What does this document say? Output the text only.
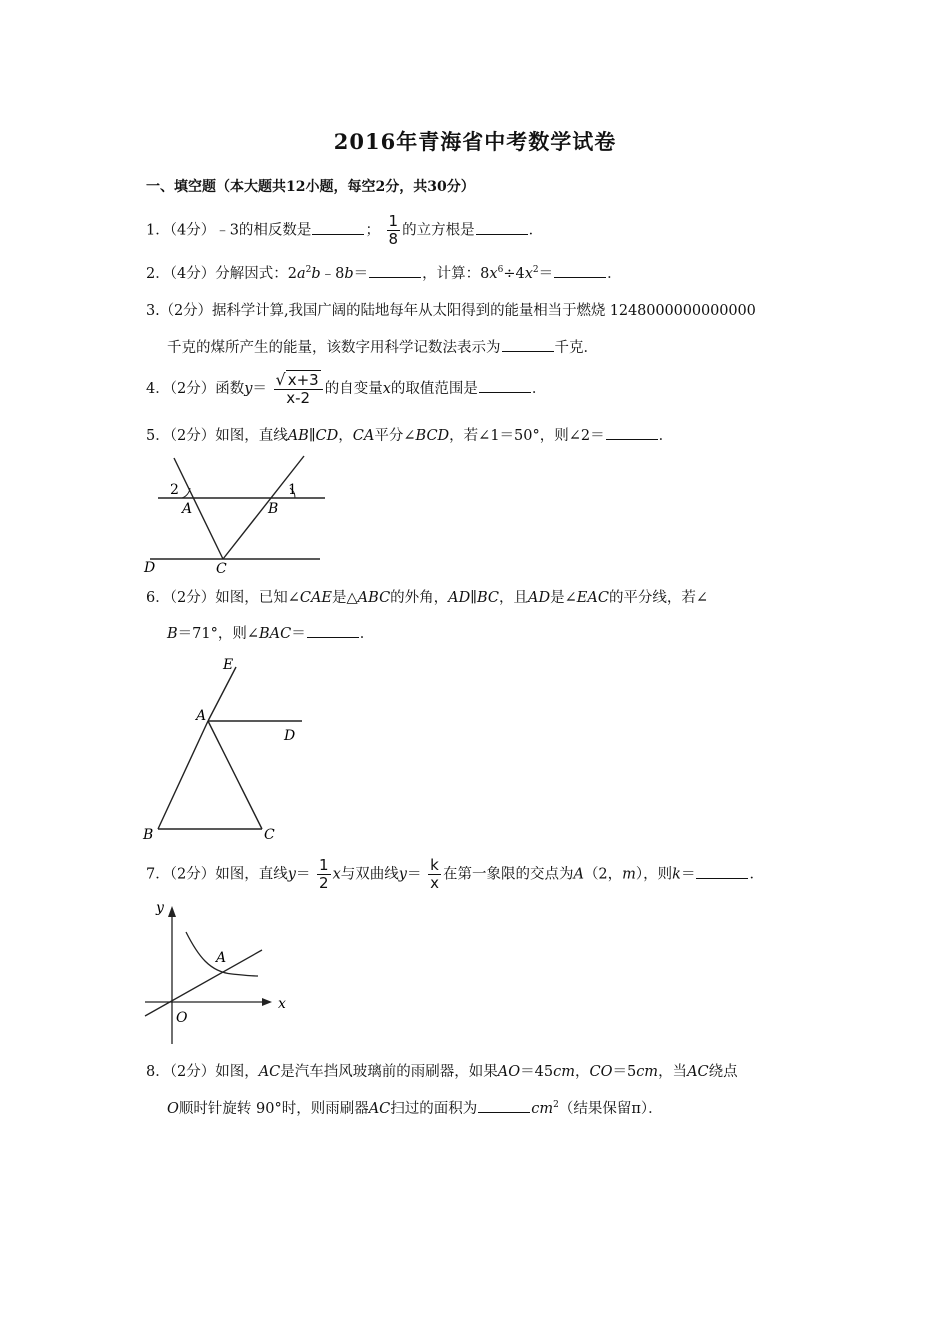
2016年青海省中考数学试卷
一、填空题（本大题共12小题，每空2分，共30分）
1．（4分）﹣3的相反数是	； $\frac{1}{8}$ 的立方根是	．
2．（4分）分解因式：$2a^2b﹣8b=$	，计算：$8x^6\div 4x^2=$	．
3.（2分）据科学计算,我国广阔的陆地每年从太阳得到的能量相当于燃烧 1248000000000000
千克的煤所产生的能量，该数字用科学记数法表示为	千克．
4．（2分）函数$y= \frac{√ x+3}{x-2}$ 的自变量x的取值范围是	．
5．（2分）如图，直线AB∥CD，CA平分∠BCD，若∠1＝50°，则∠2＝	．
2	1
A	B
D	C
6．（2分）如图，已知∠CAE是△ABC的外角，AD∥BC，且AD是∠EAC的平分线，若∠
B＝71°，则∠BAC＝	．
E
A
D
B	C
7．（2分）如图，直线$y= \frac{1}{2}$ x与双曲线$y= \frac{k}{x}$ 在第一象限的交点为A（2，m），则k＝	．
y
A
x
O
8．（2分）如图，AC是汽车挡风玻璃前的雨刷器，如果AO＝45cm，CO＝5cm，当AC绕点
O顺时针旋转 90°时，则雨刷器AC扫过的面积为	$cm^2$（结果保留π）．
